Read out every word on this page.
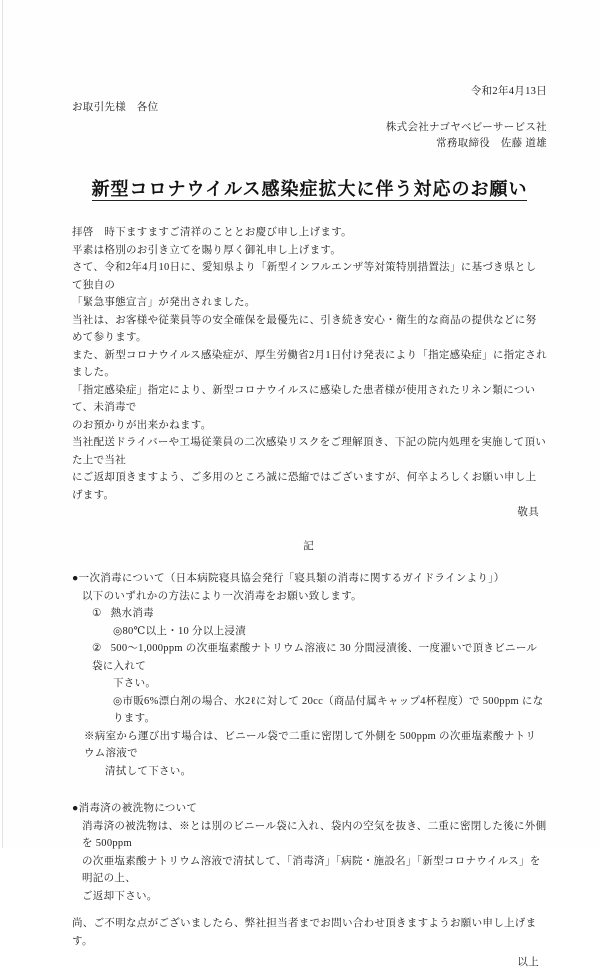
令和2年4月13日
お取引先様　各位
株式会社ナゴヤベビーサービス社
常務取締役　佐藤 道雄
新型コロナウイルス感染症拡大に伴う対応のお願い
拝啓　時下ますますご清祥のこととお慶び申し上げます。
平素は格別のお引き立てを賜り厚く御礼申し上げます。
さて、令和2年4月10日に、愛知県より「新型インフルエンザ等対策特別措置法」に基づき県として独自の
「緊急事態宣言」が発出されました。
当社は、お客様や従業員等の安全確保を最優先に、引き続き安心・衛生的な商品の提供などに努めて参ります。
また、新型コロナウイルス感染症が、厚生労働省2月1日付け発表により「指定感染症」に指定されました。
「指定感染症」指定により、新型コロナウイルスに感染した患者様が使用されたリネン類について、未消毒で
のお預かりが出来かねます。
当社配送ドライバーや工場従業員の二次感染リスクをご理解頂き、下記の院内処理を実施して頂いた上で当社
にご返却頂きますよう、ご多用のところ誠に恐縮ではございますが、何卒よろしくお願い申し上げます。
敬具
記
●一次消毒について（日本病院寝具協会発行「寝具類の消毒に関するガイドラインより」）
以下のいずれかの方法により一次消毒をお願い致します。
① 熱水消毒
◎80℃以上・10 分以上浸漬
② 500～1,000ppm の次亜塩素酸ナトリウム溶液に 30 分間浸漬後、一度濯いで頂きビニール袋に入れて
下さい。
◎市販6%漂白剤の場合、水2ℓに対して 20cc（商品付属キャップ4杯程度）で 500ppm になります。
※病室から運び出す場合は、ビニール袋で二重に密閉して外側を 500ppm の次亜塩素酸ナトリウム溶液で
清拭して下さい。
●消毒済の被洗物について
消毒済の被洗物は、※とは別のビニール袋に入れ、袋内の空気を抜き、二重に密閉した後に外側を 500ppm
の次亜塩素酸ナトリウム溶液で清拭して、「消毒済」「病院・施設名」「新型コロナウイルス」を明記の上、
ご返却下さい。
尚、ご不明な点がございましたら、弊社担当者までお問い合わせ頂きますようお願い申し上げます。
以上
